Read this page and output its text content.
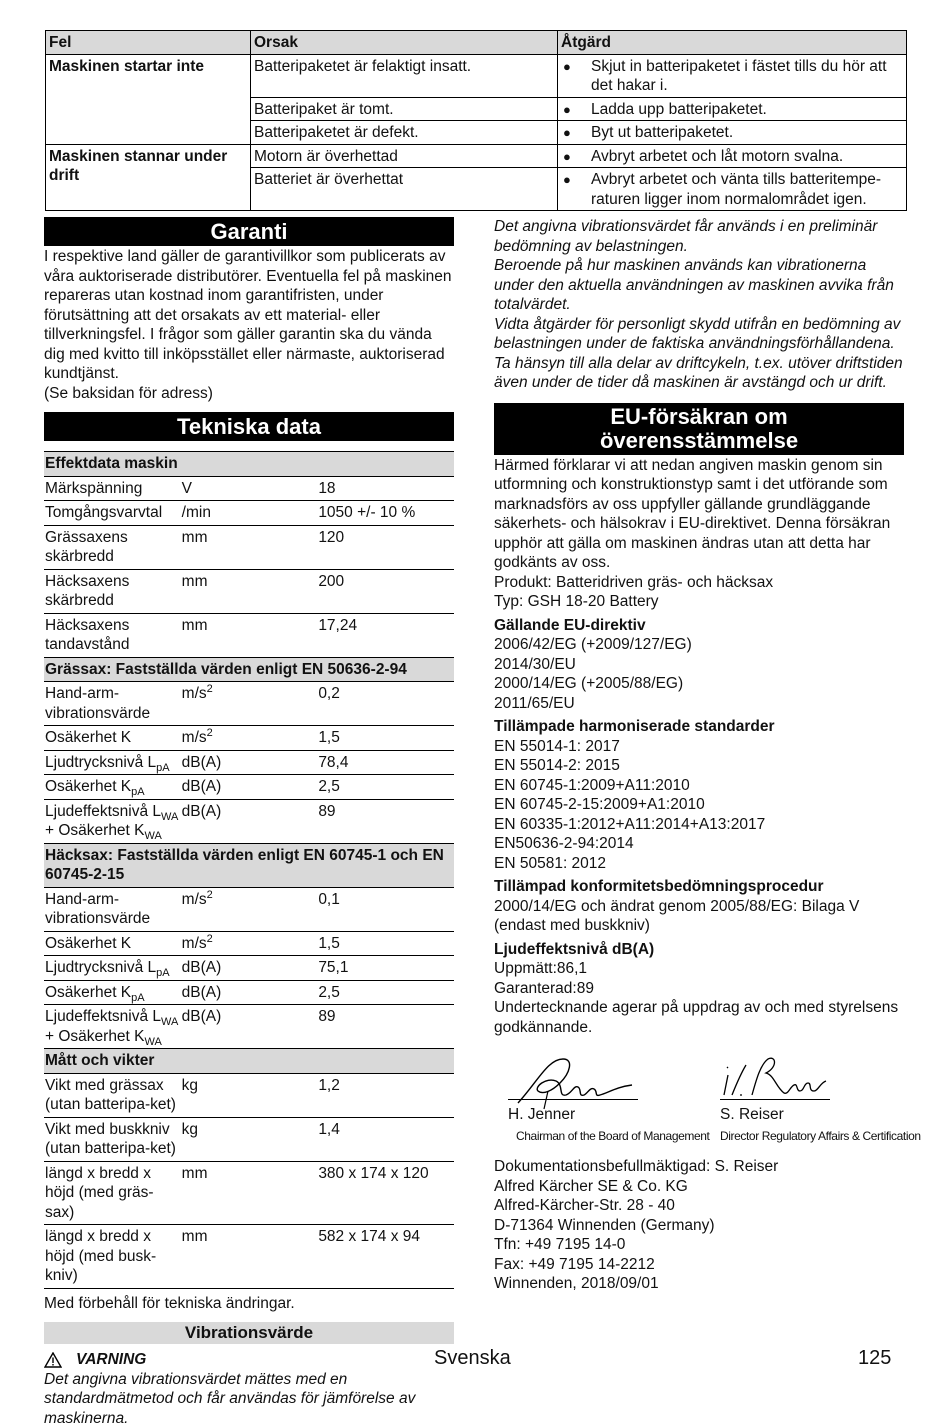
Fel	Orsak	Åtgärd
Maskinen startar inte	Batteripaketet är felaktigt insatt.	● Skjut in batteripaketet i fästet tills du hör att det hakar i.

	Batteripaket är tomt.	● Ladda upp batteripaketet.

	Batteripaketet är defekt.	● Byt ut batteripaketet.

Maskinen stannar under drift	Motorn är överhettad	● Avbryt arbetet och låt motorn svalna.

	Batteriet är överhettat	● Avbryt arbetet och vänta tills batteritempe-raturen ligger inom normalområdet igen.
Garanti

I respektive land gäller de garantivillkor som publicerats av våra auktoriserade distributörer. Eventuella fel på maskinen repareras utan kostnad inom garantifristen, under förutsättning att det orsakats av ett material- eller tillverkningsfel. I frågor som gäller garantin ska du vända dig med kvitto till inköpsstället eller närmaste, auktoriserad kundtjänst.

(Se baksidan för adress)

Tekniska data
Effektdata maskin		
Märkspänning	V	18
Tomgångsvarvtal	/min	1050 +/- 10 %
Grässaxens skärbredd	mm	120
Häcksaxens skärbredd	mm	200
Häcksaxens tandavstånd	mm	17,24
Grässax: Fastställda värden enligt EN 50636-2-94		
Hand-arm-vibrationsvärde	$m/s^2$	0,2
Osäkerhet K	$m/s^2$	1,5
Ljudtrycksnivå $L_{pA}$	dB(A)	78,4
Osäkerhet $K_{pA}$	dB(A)	2,5
Ljudeffektsnivå $L_{WA}$ + Osäkerhet $K_{WA}$	dB(A)	89
Häcksax: Fastställda värden enligt EN 60745-1 och EN 60745-2-15		
Hand-arm-vibrationsvärde	$m/s^2$	0,1
Osäkerhet K	$m/s^2$	1,5
Ljudtrycksnivå $L_{pA}$	dB(A)	75,1
Osäkerhet $K_{pA}$	dB(A)	2,5
Ljudeffektsnivå $L_{WA}$ + Osäkerhet $K_{WA}$	dB(A)	89
Mått och vikter		
Vikt med grässax (utan batteripa-ket)	kg	1,2
Vikt med buskkniv (utan batteripa-ket)	kg	1,4
längd x bredd x höjd (med gräs-sax)	mm	380 x 174 x 120
längd x bredd x höjd (med busk-kniv)	mm	582 x 174 x 94

Med förbehåll för tekniska ändringar.

Vibrationsvärde
VARNING

Det angivna vibrationsvärdet mättes med en standardmätmetod och får användas för jämförelse av maskinerna.

Det angivna vibrationsvärdet får används i en preliminär bedömning av belastningen.

Beroende på hur maskinen används kan vibrationerna under den aktuella användningen av maskinen avvika från totalvärdet.

Vidta åtgärder för personligt skydd utifrån en bedömning av belastningen under de faktiska användningsförhållandena. Ta hänsyn till alla delar av driftcykeln, t.ex. utöver driftstiden även under de tider då maskinen är avstängd och ur drift.

EU-försäkran om
överensstämmelse

Härmed förklarar vi att nedan angiven maskin genom sin utformning och konstruktionstyp samt i det utförande som marknadsförs av oss uppfyller gällande grundläggande säkerhets- och hälsokrav i EU-direktivet. Denna försäkran upphör att gälla om maskinen ändras utan att detta har godkänts av oss.

Produkt: Batteridriven gräs- och häcksax

Typ: GSH 18-20 Battery

Gällande EU-direktiv

2006/42/EG (+2009/127/EG)

2014/30/EU

2000/14/EG (+2005/88/EG)

2011/65/EU

Tillämpade harmoniserade standarder

EN 55014-1: 2017

EN 55014-2: 2015

EN 60745-1:2009+A11:2010

EN 60745-2-15:2009+A1:2010

EN 60335-1:2012+A11:2014+A13:2017

EN50636-2-94:2014

EN 50581: 2012

Tillämpad konformitetsbedömningsprocedur

2000/14/EG och ändrat genom 2005/88/EG: Bilaga V (endast med buskkniv)

Ljudeffektsnivå dB(A)

Uppmätt:86,1

Garanterad:89

Undertecknande agerar på uppdrag av och med styrelsens godkännande.

H. Jenner
Chairman of the Board of Management
S. Reiser
Director Regulatory Affairs & Certification

Dokumentationsbefullmäktigad: S. Reiser

Alfred Kärcher SE & Co. KG

Alfred-Kärcher-Str. 28 - 40

D-71364 Winnenden (Germany)

Tfn: +49 7195 14-0

Fax: +49 7195 14-2212

Winnenden, 2018/09/01

Svenska	125
